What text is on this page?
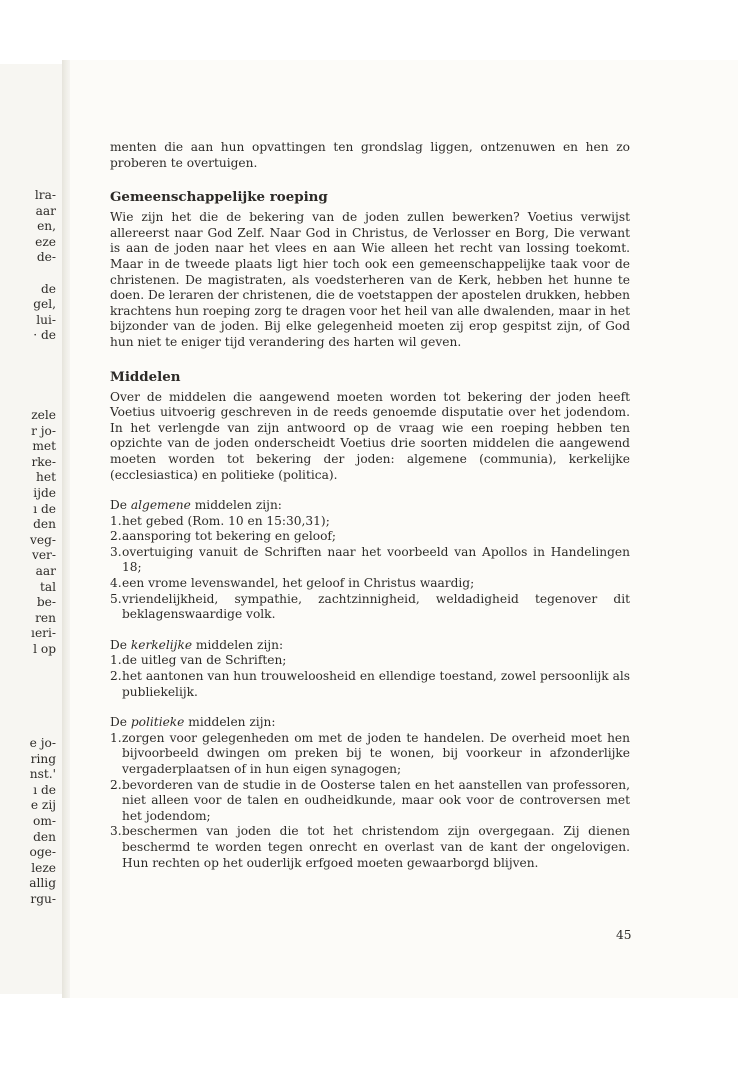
lra-
aar
en,
eze
de-

de
gel,
lui-
· de
zele
r jo-
met
rke-
het
ijde
ı de
den
veg-
ver-
aar
tal
be-
ren
ıeri-
l op
e jo-
ring
nst.'
ı de
e zij
om-
den
oge-
leze
allig
rgu-

menten die aan hun opvattingen ten grondslag liggen, ontzenuwen en hen zo proberen te overtuigen.

Gemeenschappelijke roeping

Wie zijn het die de bekering van de joden zullen bewerken? Voetius verwijst allereerst naar God Zelf. Naar God in Christus, de Verlosser en Borg, Die verwant is aan de joden naar het vlees en aan Wie alleen het recht van lossing toekomt. Maar in de tweede plaats ligt hier toch ook een gemeenschappelijke taak voor de christenen. De magistraten, als voedsterheren van de Kerk, hebben het hunne te doen. De leraren der christenen, die de voetstappen der apostelen drukken, hebben krachtens hun roeping zorg te dragen voor het heil van alle dwalenden, maar in het bijzonder van de joden. Bij elke gelegenheid moeten zij erop gespitst zijn, of God hun niet te eniger tijd verandering des harten wil geven.

Middelen

Over de middelen die aangewend moeten worden tot bekering der joden heeft Voetius uitvoerig geschreven in de reeds genoemde disputatie over het jodendom. In het verlengde van zijn antwoord op de vraag wie een roeping hebben ten opzichte van de joden onderscheidt Voetius drie soorten middelen die aangewend moeten worden tot bekering der joden: algemene (communia), kerkelijke (ecclesiastica) en politieke (politica).

De algemene middelen zijn:

1. het gebed (Rom. 10 en 15:30,31);
2. aansporing tot bekering en geloof;
3. overtuiging vanuit de Schriften naar het voorbeeld van Apollos in Handelingen 18;
4. een vrome levenswandel, het geloof in Christus waardig;
5. vriendelijkheid, sympathie, zachtzinnigheid, weldadigheid tegenover dit beklagenswaardige volk.

De kerkelijke middelen zijn:

1. de uitleg van de Schriften;
2. het aantonen van hun trouweloosheid en ellendige toestand, zowel persoonlijk als publiekelijk.

De politieke middelen zijn:

1. zorgen voor gelegenheden om met de joden te handelen. De overheid moet hen bijvoorbeeld dwingen om preken bij te wonen, bij voorkeur in afzonderlijke vergaderplaatsen of in hun eigen synagogen;
2. bevorderen van de studie in de Oosterse talen en het aanstellen van professoren, niet alleen voor de talen en oudheidkunde, maar ook voor de controversen met het jodendom;
3. beschermen van joden die tot het christendom zijn overgegaan. Zij dienen beschermd te worden tegen onrecht en overlast van de kant der ongelovigen. Hun rechten op het ouderlijk erfgoed moeten gewaarborgd blijven.
45
